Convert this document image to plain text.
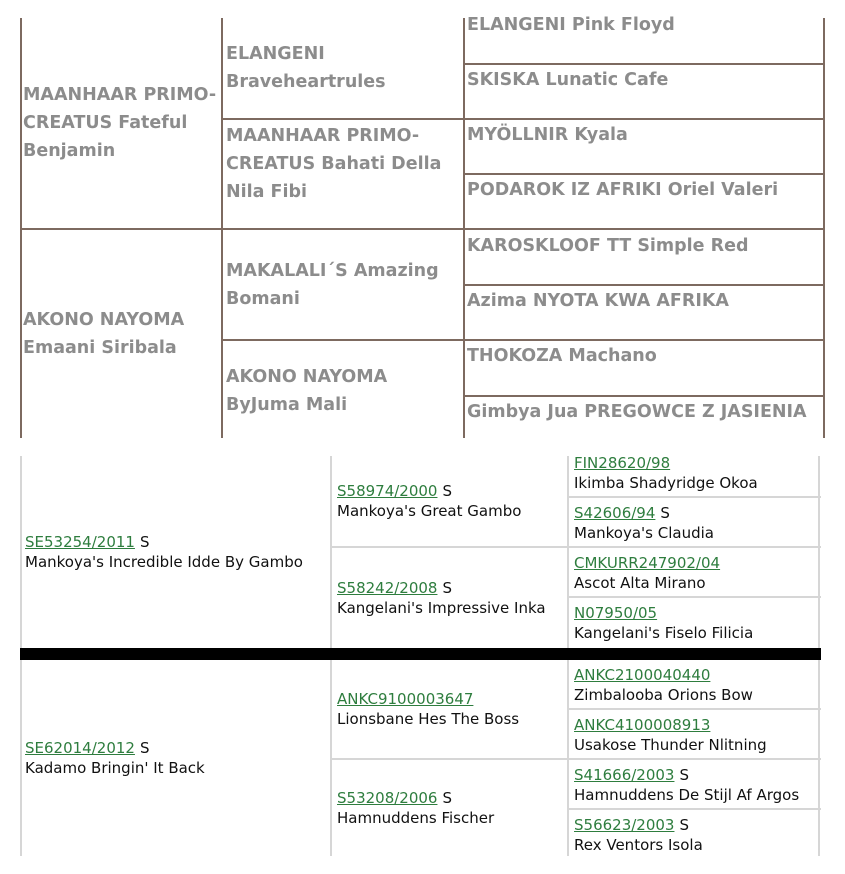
MAANHAAR PRIMO-CREATUS Fateful Benjamin
AKONO NAYOMA Emaani Siribala
ELANGENI Braveheartrules
MAANHAAR PRIMO-CREATUS Bahati Della Nila Fibi
MAKALALI´S Amazing Bomani
AKONO NAYOMA ByJuma Mali
ELANGENI Pink Floyd
SKISKA Lunatic Cafe
MYÖLLNIR Kyala
PODAROK IZ AFRIKI Oriel Valeri
KAROSKLOOF TT Simple Red
Azima NYOTA KWA AFRIKA
THOKOZA Machano
Gimbya Jua PREGOWCE Z JASIENIA
SE53254/2011 S
Mankoya's Incredible Idde By Gambo
SE62014/2012 S
Kadamo Bringin' It Back
S58974/2000 S
Mankoya's Great Gambo
S58242/2008 S
Kangelani's Impressive Inka
ANKC9100003647
Lionsbane Hes The Boss
S53208/2006 S
Hamnuddens Fischer
FIN28620/98
Ikimba Shadyridge Okoa
S42606/94 S
Mankoya's Claudia
CMKURR247902/04
Ascot Alta Mirano
N07950/05
Kangelani's Fiselo Filicia
ANKC2100040440
Zimbalooba Orions Bow
ANKC4100008913
Usakose Thunder Nlitning
S41666/2003 S
Hamnuddens De Stijl Af Argos
S56623/2003 S
Rex Ventors Isola
